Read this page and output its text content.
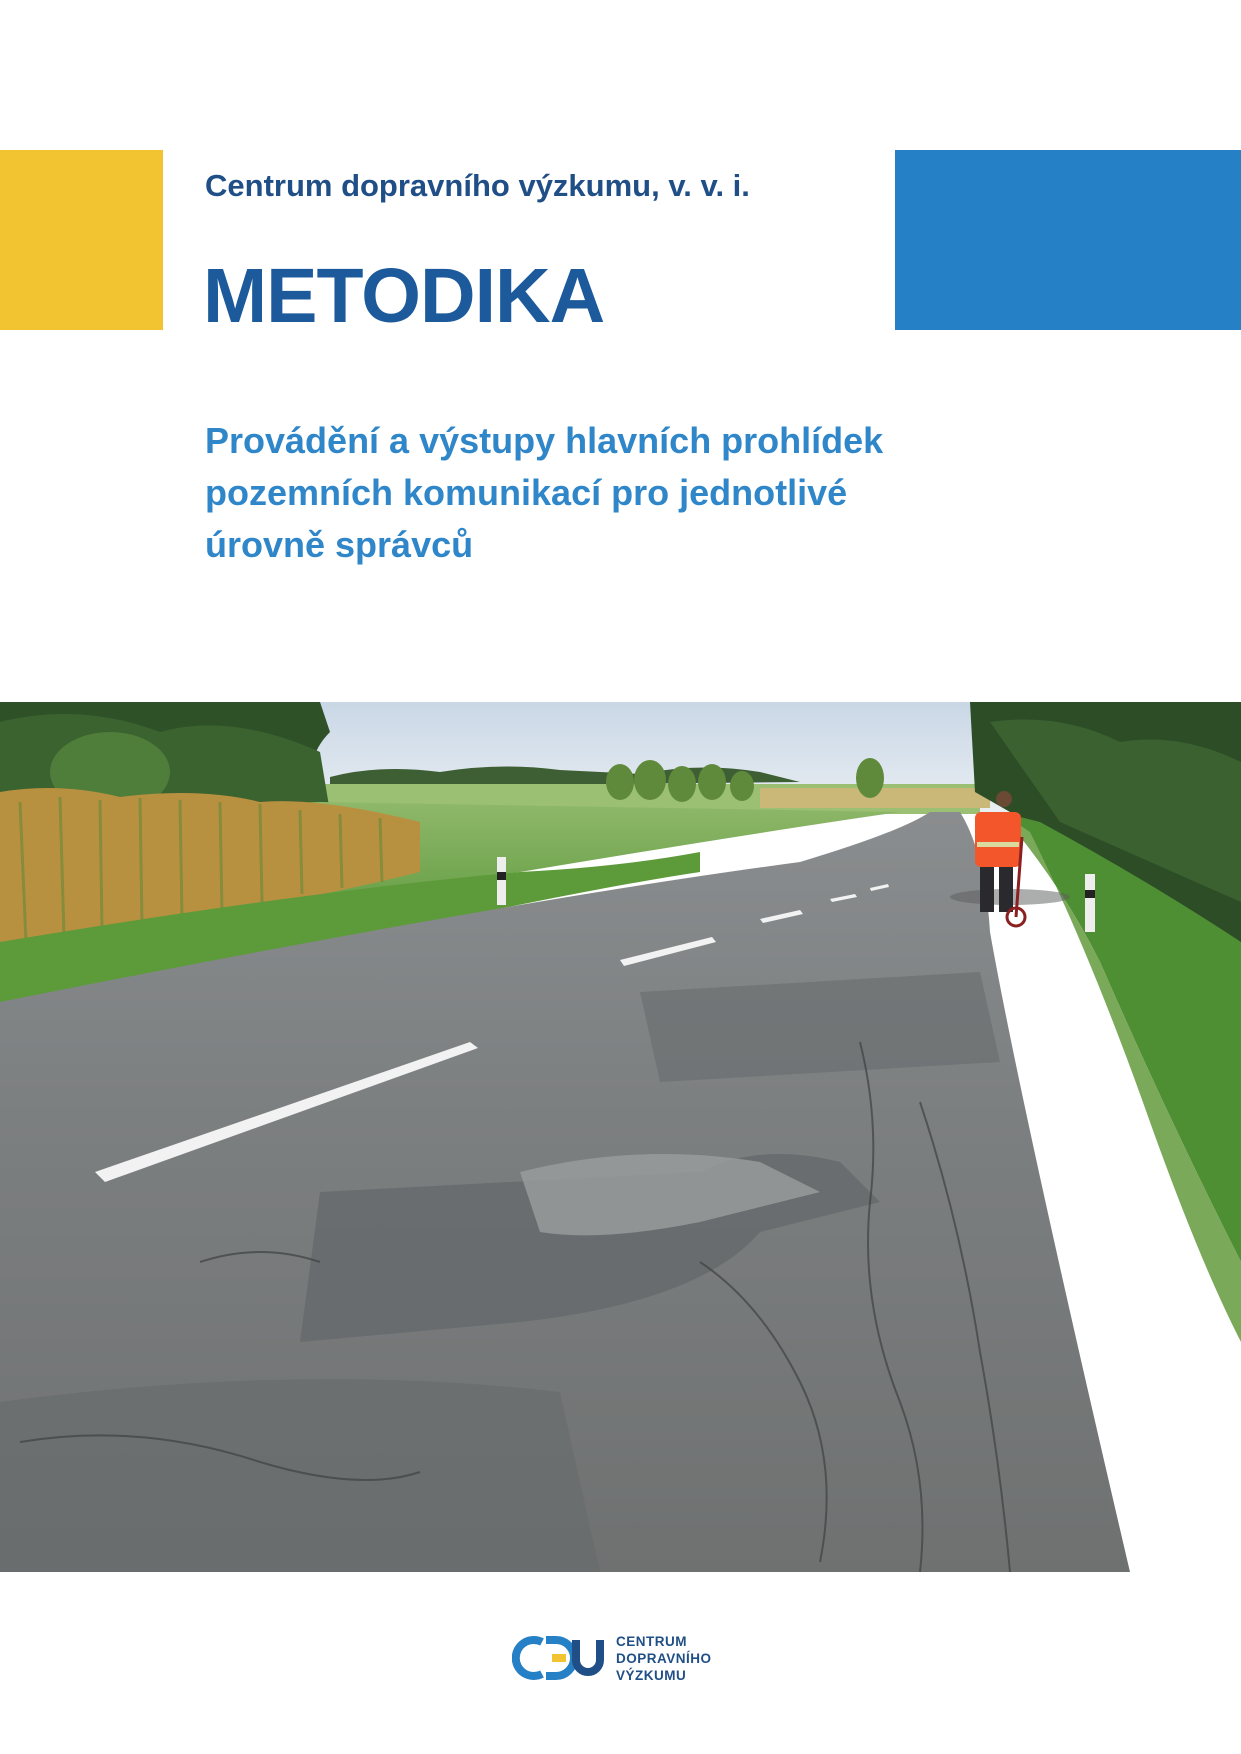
Centrum dopravního výzkumu, v. v. i.
METODIKA
Provádění a výstupy hlavních prohlídek
pozemních komunikací pro jednotlivé
úrovně správců
CENTRUM
DOPRAVNÍHO
VÝZKUMU
